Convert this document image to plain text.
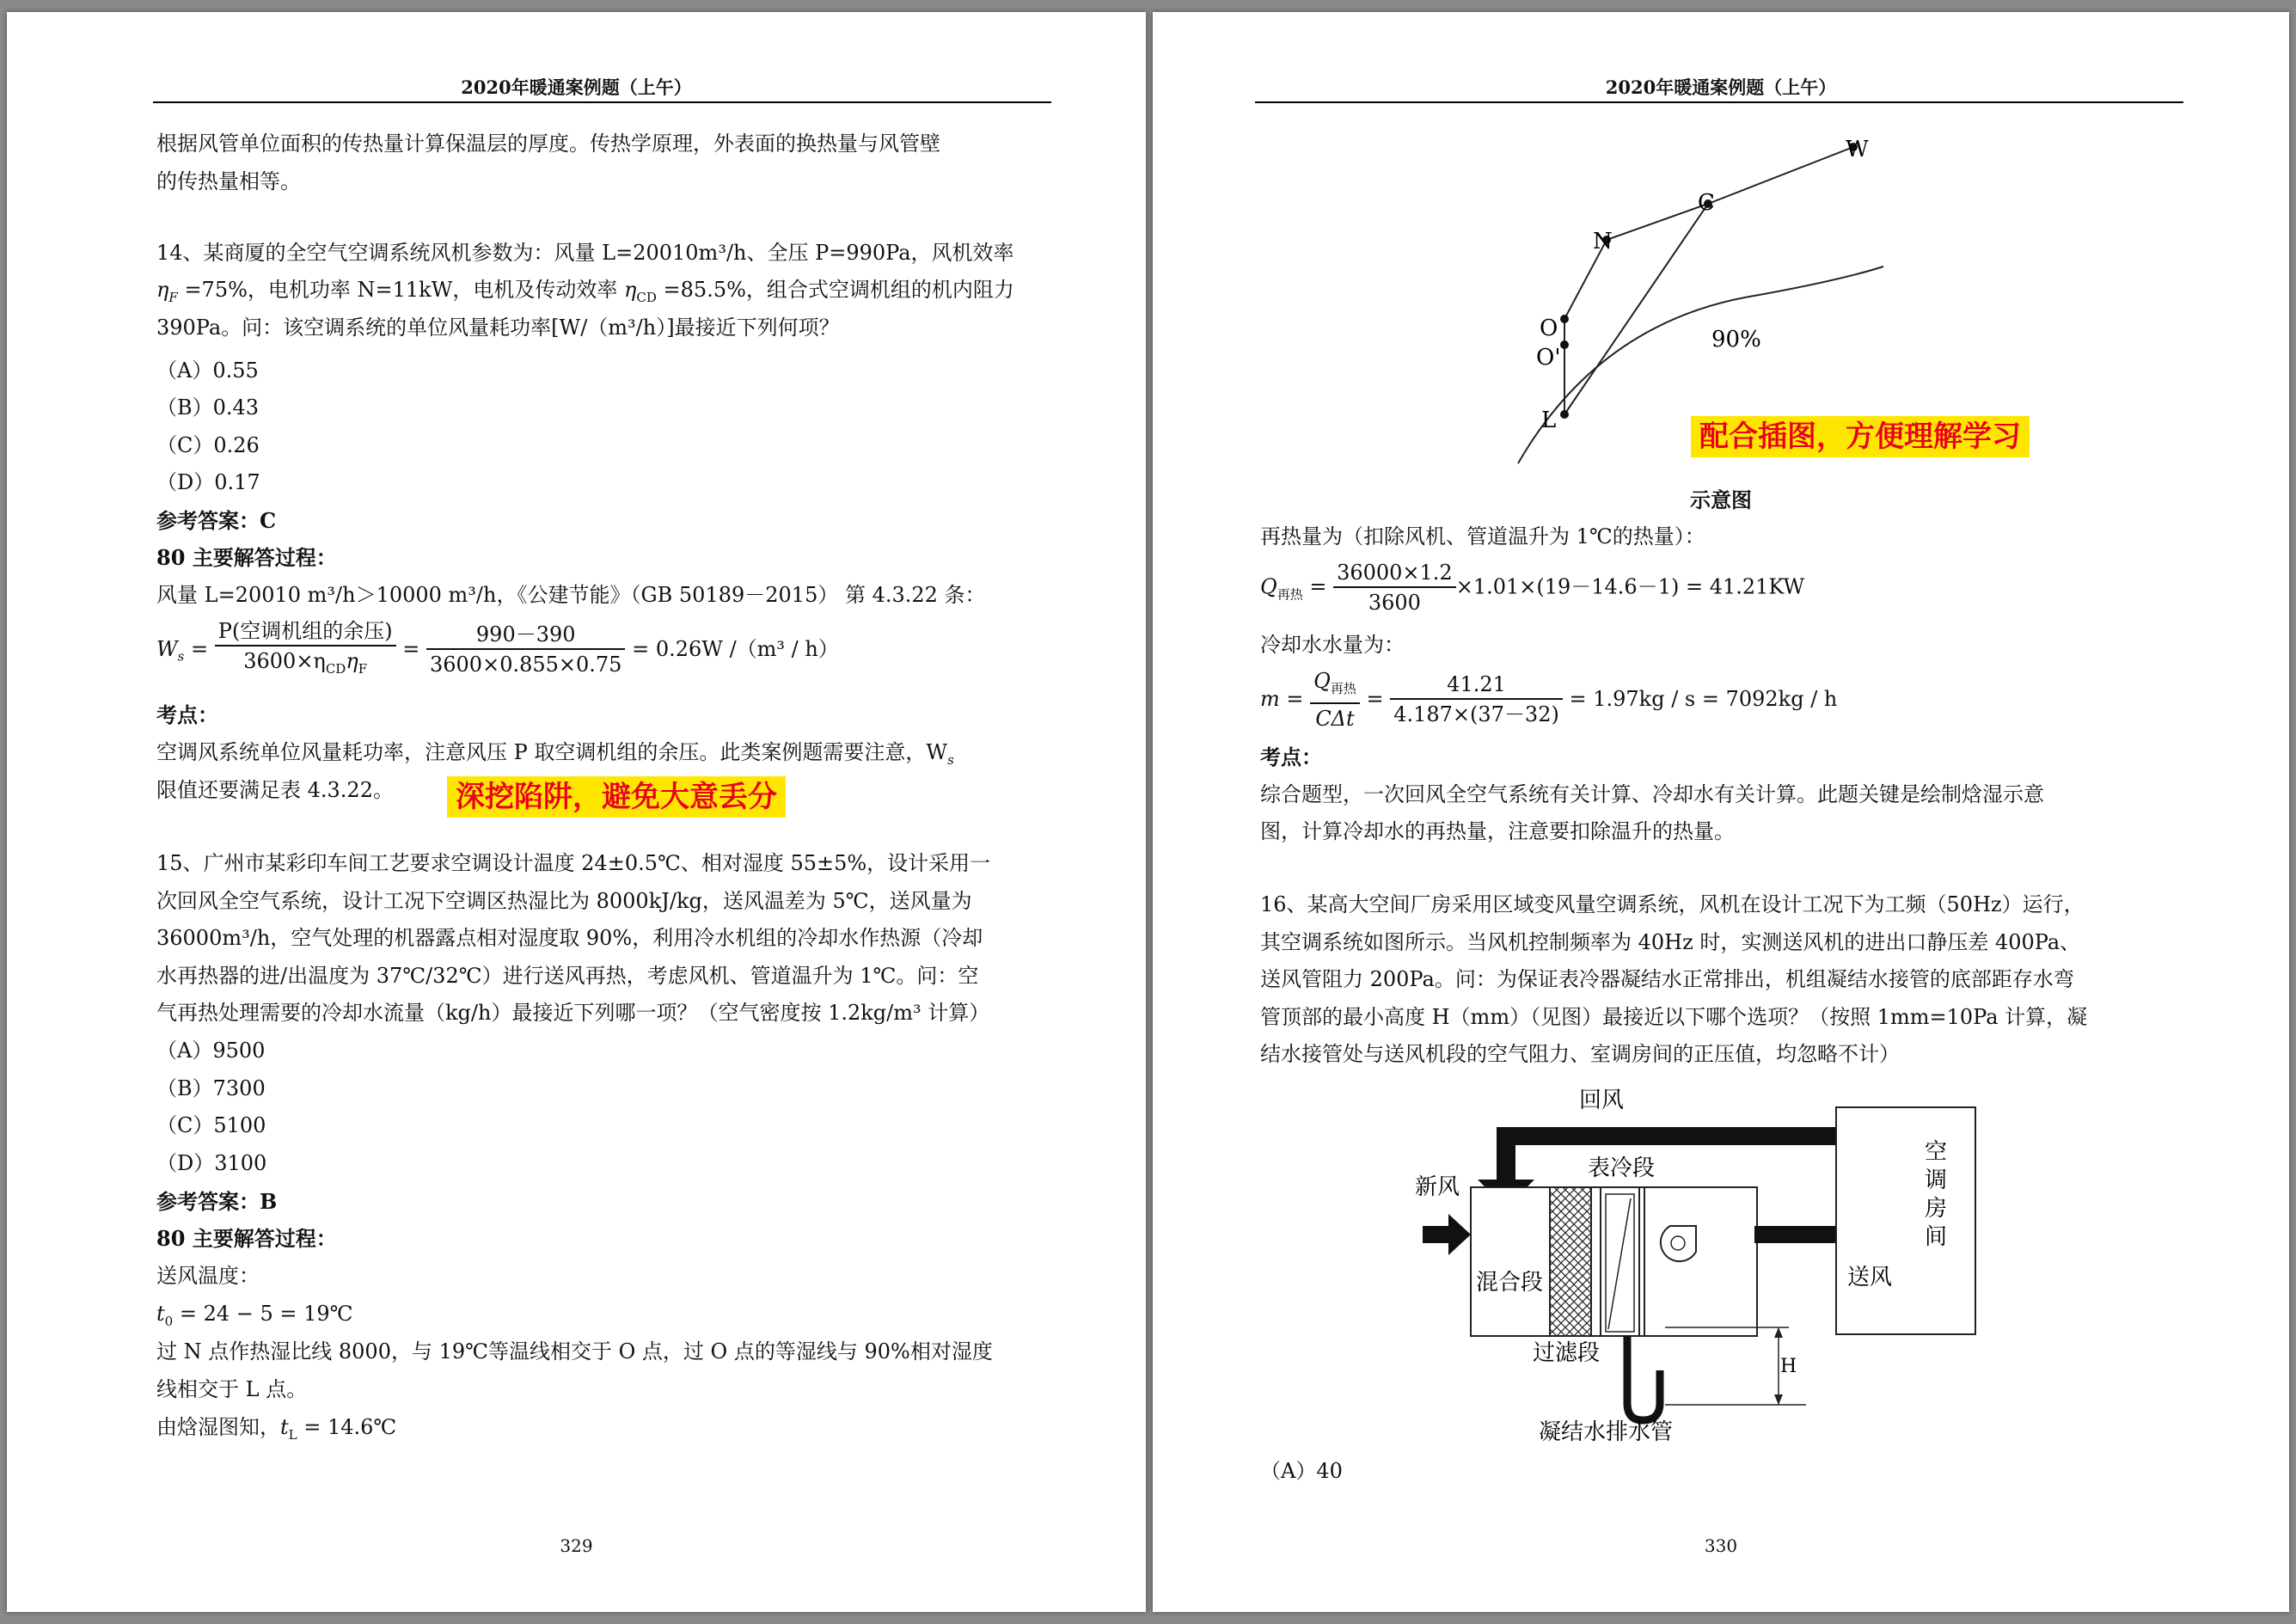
2020年暖通案例题（上午）
根据风管单位面积的传热量计算保温层的厚度。传热学原理，外表面的换热量与风管壁
的传热量相等。
14、某商厦的全空气空调系统风机参数为：风量 L=20010m³/h、全压 P=990Pa，风机效率
$\eta_F =75\%$，电机功率 N=11kW，电机及传动效率 $\eta_{CD} =85.5\%$，组合式空调机组的机内阻力
390Pa。问：该空调系统的单位风量耗功率[W/（m³/h）]最接近下列何项？
（A）0.55
（B）0.43
（C）0.26
（D）0.17
参考答案：C
80 主要解答过程：
风量 L=20010 m³/h＞10000 m³/h，《公建节能》（GB 50189－2015） 第 4.3.22 条：
$W_s = \frac{\text{P(空调机组的余压)}}{3600\times\eta_{CD}\eta_F} = \frac{990-390}{3600\times 0.855\times 0.75} = 0.26W$ /（m³ / h）
考点：
空调风系统单位风量耗功率，注意风压 P 取空调机组的余压。此类案例题需要注意，$W_s$
限值还要满足表 4.3.22。 深挖陷阱，避免大意丢分
15、广州市某彩印车间工艺要求空调设计温度 24±0.5℃、相对湿度 55±5%，设计采用一
次回风全空气系统，设计工况下空调区热湿比为 8000kJ/kg，送风温差为 5℃，送风量为
36000m³/h，空气处理的机器露点相对湿度取 90%，利用冷水机组的冷却水作热源（冷却
水再热器的进/出温度为 37℃/32℃）进行送风再热，考虑风机、管道温升为 1℃。问：空
气再热处理需要的冷却水流量（kg/h）最接近下列哪一项？（空气密度按 1.2kg/m³ 计算）
（A）9500
（B）7300
（C）5100
（D）3100
参考答案：B
80 主要解答过程：
送风温度：
$t_0 = 24 - 5$ = 19℃
过 N 点作热湿比线 8000，与 19℃等温线相交于 O 点，过 O 点的等湿线与 90%相对湿度
线相交于 L 点。
由焓湿图知，$t_L$ = 14.6℃
329
2020年暖通案例题（上午）
W
C
N
O
O'
L
90%
配合插图，方便理解学习
示意图
再热量为（扣除风机、管道温升为 1℃的热量）：
$Q_{再热} = \frac{36000\times 1.2}{3600} \times 1.01\times(19-14.6-1) = 41.21KW$
冷却水水量为：
$m = \frac{Q_{再热}}{\text{CΔt}} = \frac{41.21}{4.187\times(37-32)} = 1.97kg / s = 7092kg / h$
考点：
综合题型，一次回风全空气系统有关计算、冷却水有关计算。此题关键是绘制焓湿示意
图，计算冷却水的再热量，注意要扣除温升的热量。
16、某高大空间厂房采用区域变风量空调系统，风机在设计工况下为工频（50Hz）运行，
其空调系统如图所示。当风机控制频率为 40Hz 时，实测送风机的进出口静压差 400Pa、
送风管阻力 200Pa。问：为保证表冷器凝结水正常排出，机组凝结水接管的底部距存水弯
管顶部的最小高度 H（mm）（见图）最接近以下哪个选项？（按照 1mm=10Pa 计算，凝
结水接管处与送风机段的空气阻力、室调房间的正压值，均忽略不计）
回风
表冷段
新风
空
调
房
间
混合段	送风
过滤段
H
凝结水排水管
（A）40
330
